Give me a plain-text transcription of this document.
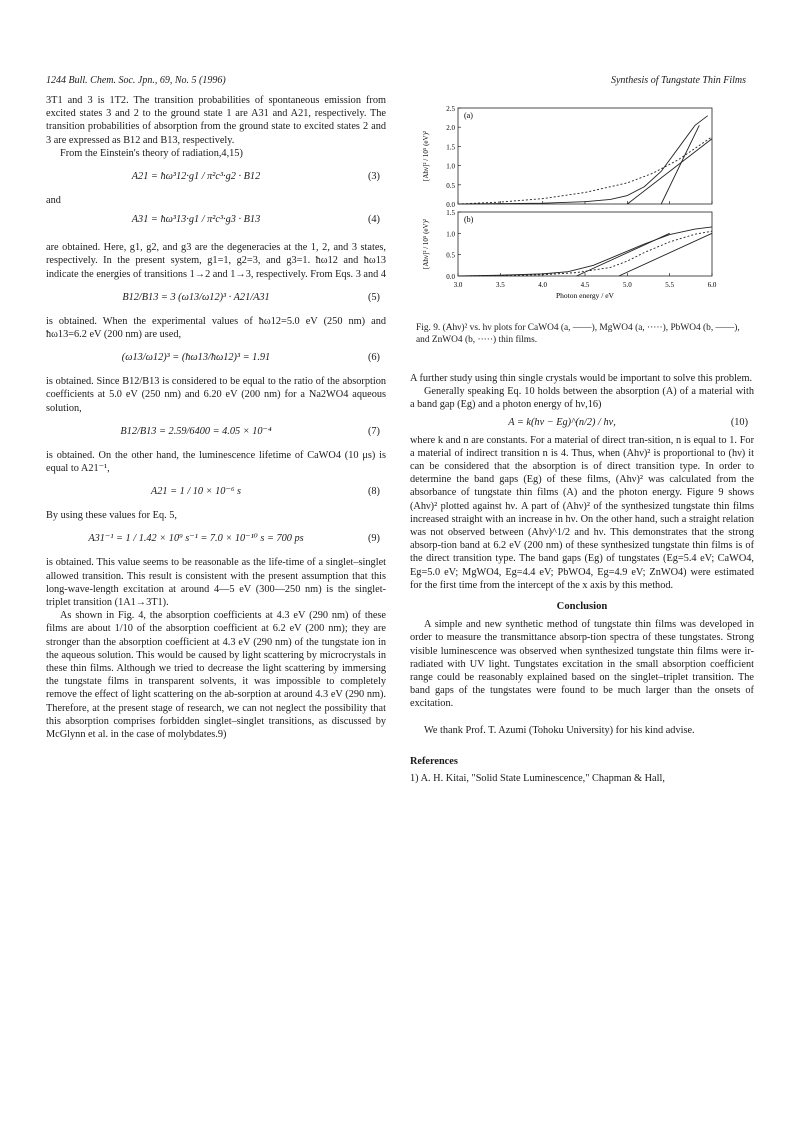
1244 Bull. Chem. Soc. Jpn., 69, No. 5 (1996)	Synthesis of Tungstate Thin Films

3T1 and 3 is 1T2. The transition probabilities of spontaneous emission from excited states 3 and 2 to the ground state 1 are A31 and A21, respectively. The transition probabilities of absorption from the ground state to excited states 2 and 3 are expressed as B12 and B13, respectively.

From the Einstein's theory of radiation,4,15)

A21 = ħω³12·g1 / π²c³·g2 · B12	(3)

and

A31 = ħω³13·g1 / π²c³·g3 · B13	(4)

are obtained. Here, g1, g2, and g3 are the degeneracies at the 1, 2, and 3 states, respectively. In the present system, g1=1, g2=3, and g3=1. ħω12 and ħω13 indicate the energies of transitions 1→2 and 1→3, respectively. From Eqs. 3 and 4

B12/B13 = 3 (ω13/ω12)³ · A21/A31	(5)

is obtained. When the experimental values of ħω12=5.0 eV (250 nm) and ħω13=6.2 eV (200 nm) are used,

(ω13/ω12)³ = (ħω13/ħω12)³ = 1.91	(6)

is obtained. Since B12/B13 is considered to be equal to the ratio of the absorption coefficients at 5.0 eV (250 nm) and 6.20 eV (200 nm) for a Na2WO4 aqueous solution,

B12/B13 = 2.59/6400 = 4.05 × 10⁻⁴	(7)

is obtained. On the other hand, the luminescence lifetime of CaWO4 (10 μs) is equal to A21⁻¹,

A21 = 1 / 10 × 10⁻⁶ s	(8)

By using these values for Eq. 5,

A31⁻¹ = 1 / 1.42 × 10⁹ s⁻¹ = 7.0 × 10⁻¹⁰ s = 700 ps	(9)

is obtained. This value seems to be reasonable as the life-time of a singlet–singlet allowed transition. This result is consistent with the present assumption that this long-wave-length excitation at around 4—5 eV (300—250 nm) is the singlet-triplet transition (1A1→3T1).

As shown in Fig. 4, the absorption coefficients at 4.3 eV (290 nm) of these films are about 1/10 of the absorption coefficient at 6.2 eV (200 nm); they are stronger than the absorption coefficient at 4.3 eV (290 nm) of the tungstate ion in the aqueous solution. This would be caused by light scattering by microcrystals in these thin films. Although we tried to decrease the light scattering by immersing the tungstate films in transparent solvents, it was impossible to completely remove the effect of light scattering on the ab-sorption at around 4.3 eV (290 nm). Therefore, at the present stage of research, we can not neglect the possibility that this absorption comprises forbidden singlet–singlet transitions, as discussed by McGlynn et al. in the case of molybdates.9)

(a)
0.0
0.5
1.0
1.5
2.0
2.5
[Ahν]² / 10⁵ (eV)²
(b)
0.0
0.5
1.0
1.5
3.0	3.5	4.0	4.5	5.0	5.5	6.0
[Ahν]² / 10⁵ (eV)²
Photon energy / eV
Fig. 9. (Ahν)² vs. hν plots for CaWO4 (a, ——), MgWO4 (a, ·····), PbWO4 (b, ——), and ZnWO4 (b, ·····) thin films.

A further study using thin single crystals would be important to solve this problem.

Generally speaking Eq. 10 holds between the absorption (A) of a material with a band gap (Eg) and a photon energy of hν,16)

A = k(hν − Eg)^(n/2) / hν,	(10)

where k and n are constants. For a material of direct tran-sition, n is equal to 1. For a material of indirect transition n is 4. Thus, when (Ahν)² is proportional to (hν) it can be considered that the absorption is of direct transition type. In order to determine the band gaps (Eg) of these films, (Ahν)² was calculated from the absorbance of tungstate thin films (A) and the photon energy. Figure 9 shows (Ahν)² plotted against hν. A part of (Ahν)² of the synthesized tungstate thin films increased straight with an increase in hν. On the other hand, such a straight relation was not observed between (Ahν)^1/2 and hν. This demonstrates that the strong absorp-tion band at 6.2 eV (200 nm) of these synthesized tungstate thin films is of the direct transition type. The band gaps (Eg) of tungstates (Eg=5.4 eV; CaWO4, Eg=5.0 eV; MgWO4, Eg=4.4 eV; PbWO4, Eg=4.9 eV; ZnWO4) were estimated for the first time from the intercept of the x axis by this method.

Conclusion

A simple and new synthetic method of tungstate thin films was developed in order to measure the transmittance absorp-tion spectra of these tungstates. Strong visible luminescence was observed when synthesized tungstate thin films were ir-radiated with UV light. Tungstates excitation in the small absorption coefficient range could be reasonably explained based on the singlet–triplet transition. The band gaps of the tungstates were found to be much larger than the onsets of excitation.

We thank Prof. T. Azumi (Tohoku University) for his kind advise.

References

1) A. H. Kitai, "Solid State Luminescence," Chapman & Hall,
